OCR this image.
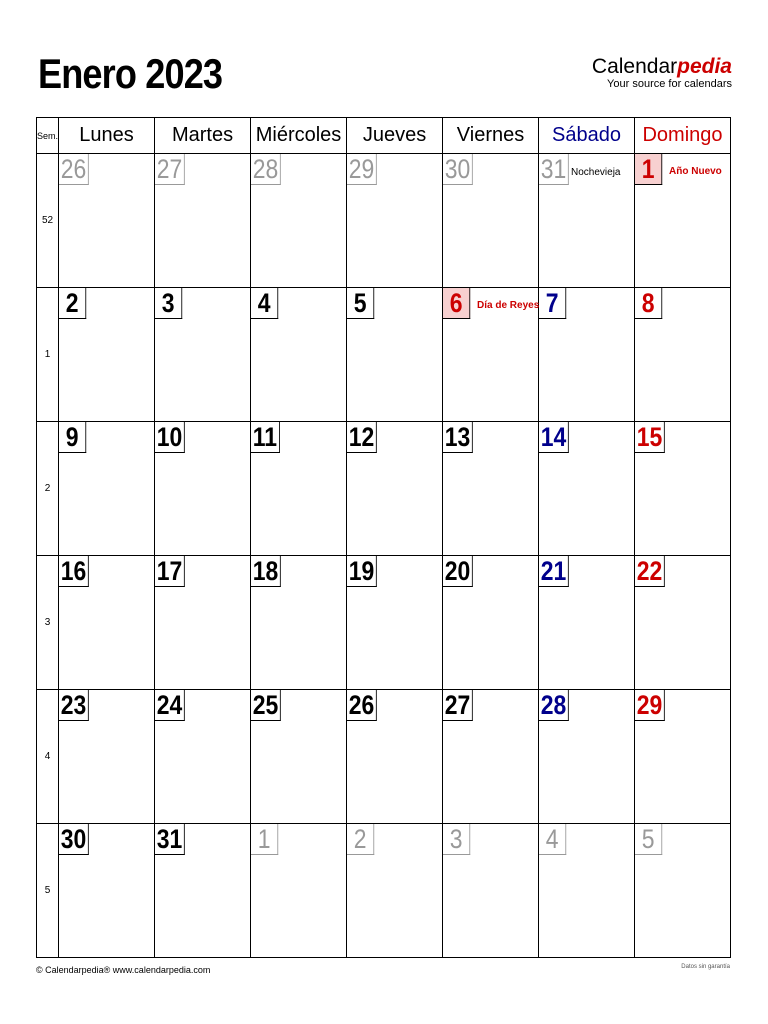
Enero 2023	Calendarpedia
Your source for calendars
Sem.	Lunes	Martes	Miércoles	Jueves	Viernes	Sábado	Domingo
52	26	27	28	29	30	31 Nochevieja	1 Año Nuevo

1	2	3	4	5	6 Día de Reyes	7	8
2	9	10	11	12	13	14	15
3	16	17	18	19	20	21	22
4	23	24	25	26	27	28	29
5	30	31	1	2	3	4	5
© Calendarpedia® www.calendarpedia.com	Datos sin garantía
